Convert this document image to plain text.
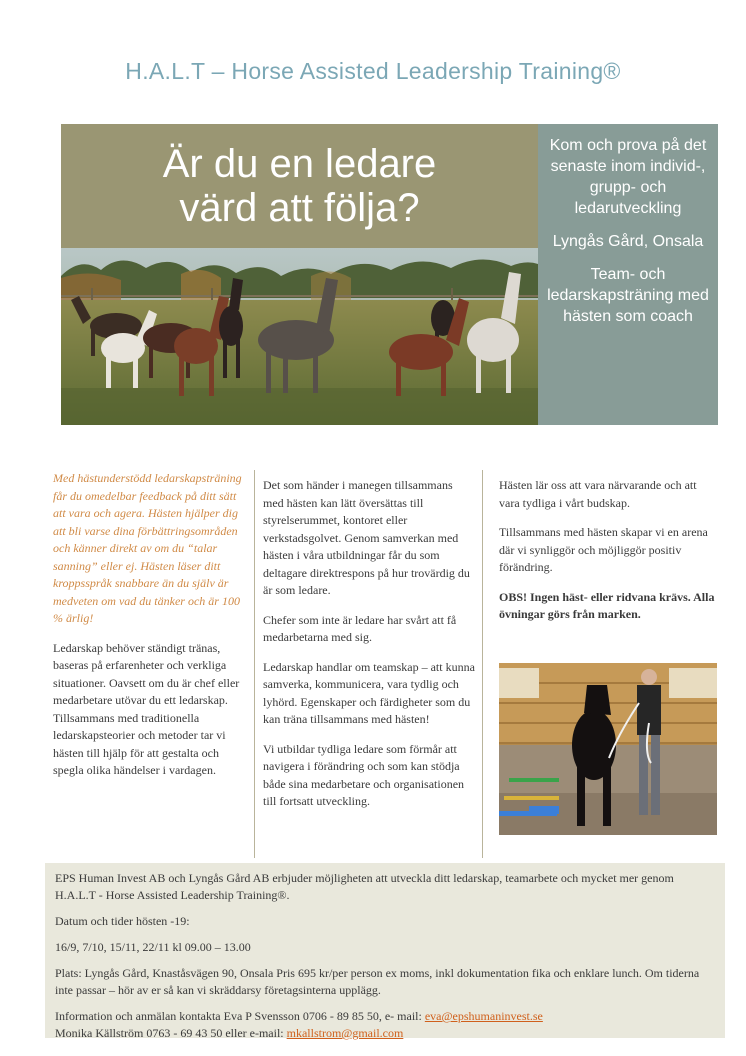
H.A.L.T – Horse Assisted Leadership Training®
Är du en ledare
värd att följa?

Kom och prova på det senaste inom individ-, grupp- och ledarutveckling

Lyngås Gård, Onsala

Team- och ledarskapsträning med hästen som coach

Med hästunderstödd ledarskapsträning får du omedelbar feedback på ditt sätt att vara och agera. Hästen hjälper dig att bli varse dina förbättringsområden och känner direkt av om du “talar sanning” eller ej. Hästen läser ditt kroppsspråk snabbare än du själv är medveten om vad du tänker och är 100 % ärlig!

Ledarskap behöver ständigt tränas, baseras på erfarenheter och verkliga situationer. Oavsett om du är chef eller medarbetare utövar du ett ledarskap. Tillsammans med traditionella ledarskapsteorier och metoder tar vi hästen till hjälp för att gestalta och spegla olika händelser i vardagen.

Det som händer i manegen tillsammans med hästen kan lätt översättas till styrelserummet, kontoret eller verkstadsgolvet. Genom samverkan med hästen i våra utbildningar får du som deltagare direktrespons på hur trovärdig du är som ledare.

Chefer som inte är ledare har svårt att få medarbetarna med sig.

Ledarskap handlar om teamskap – att kunna samverka, kommunicera, vara tydlig och lyhörd. Egenskaper och färdigheter som du kan träna tillsammans med hästen!

Vi utbildar tydliga ledare som förmår att navigera i förändring och som kan stödja både sina medarbetare och organisationen till fortsatt utveckling.

Hästen lär oss att vara närvarande och att vara tydliga i vårt budskap.

Tillsammans med hästen skapar vi en arena där vi synliggör och möjliggör positiv förändring.

OBS! Ingen häst- eller ridvana krävs. Alla övningar görs från marken.

EPS Human Invest AB och Lyngås Gård AB erbjuder möjligheten att utveckla ditt ledarskap, teamarbete och mycket mer genom H.A.L.T - Horse Assisted Leadership Training®.

Datum och tider hösten -19:

16/9, 7/10, 15/11, 22/11 kl 09.00 – 13.00

Plats: Lyngås Gård, Knaståsvägen 90, Onsala Pris 695 kr/per person ex moms, inkl dokumentation fika och enklare lunch. Om tiderna inte passar – hör av er så kan vi skräddarsy företagsinterna upplägg.

Information och anmälan kontakta Eva P Svensson 0706 - 89 85 50, e- mail: eva@epshumaninvest.se
Monika Källström 0763 - 69 43 50 eller e-mail: mkallstrom@gmail.com
